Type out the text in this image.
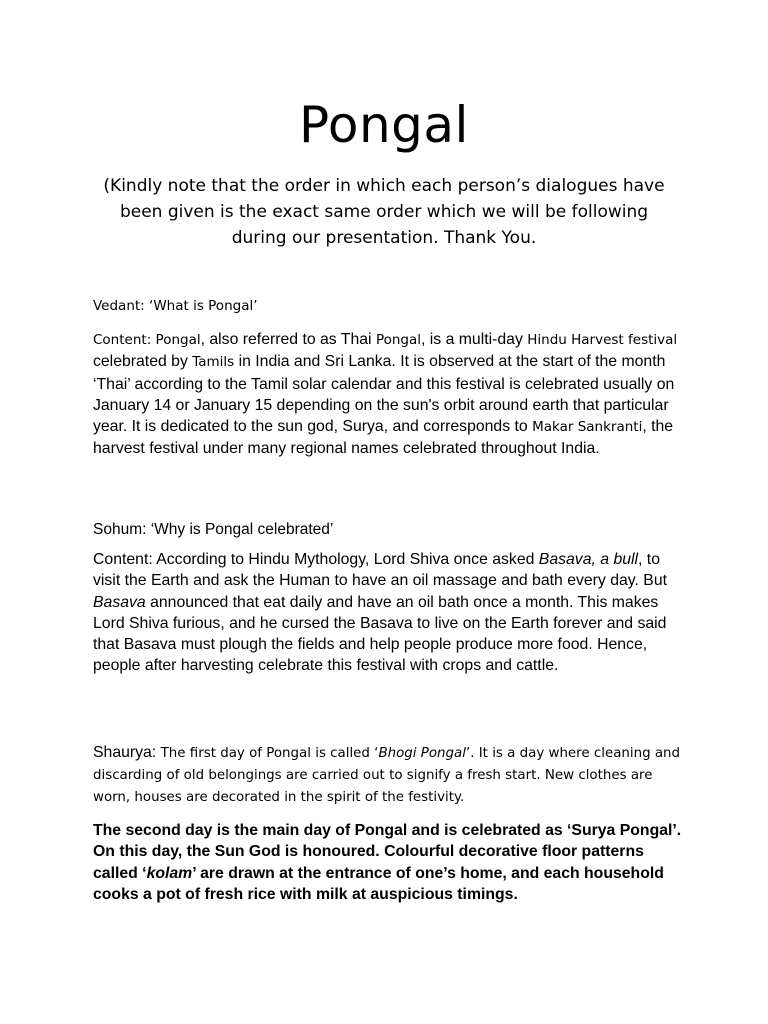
Pongal
(Kindly note that the order in which each person’s dialogues have been given is the exact same order which we will be following during our presentation. Thank You.
Vedant: ‘What is Pongal’
Content: Pongal, also referred to as Thai Pongal, is a multi-day Hindu Harvest festival celebrated by Tamils in India and Sri Lanka. It is observed at the start of the month ‘Thai’ according to the Tamil solar calendar and this festival is celebrated usually on January 14 or January 15 depending on the sun's orbit around earth that particular year. It is dedicated to the sun god, Surya, and corresponds to Makar Sankranti, the harvest festival under many regional names celebrated throughout India.
Sohum: ‘Why is Pongal celebrated’
Content: According to Hindu Mythology, Lord Shiva once asked Basava, a bull, to visit the Earth and ask the Human to have an oil massage and bath every day. But Basava announced that eat daily and have an oil bath once a month. This makes Lord Shiva furious, and he cursed the Basava to live on the Earth forever and said that Basava must plough the fields and help people produce more food. Hence, people after harvesting celebrate this festival with crops and cattle.
Shaurya: The first day of Pongal is called ‘Bhogi Pongal’. It is a day where cleaning and discarding of old belongings are carried out to signify a fresh start. New clothes are worn, houses are decorated in the spirit of the festivity.
The second day is the main day of Pongal and is celebrated as ‘Surya Pongal’. On this day, the Sun God is honoured. Colourful decorative floor patterns called ‘kolam’ are drawn at the entrance of one’s home, and each household cooks a pot of fresh rice with milk at auspicious timings.
